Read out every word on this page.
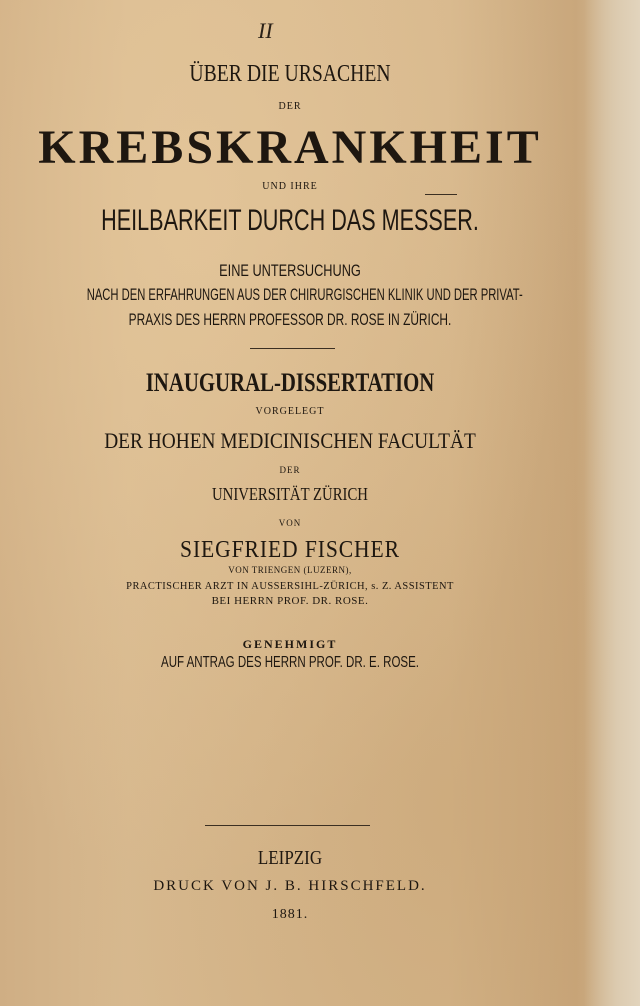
II
ÜBER DIE URSACHEN
DER
KREBSKRANKHEIT
UND IHRE
HEILBARKEIT DURCH DAS MESSER.
EINE UNTERSUCHUNG
NACH DEN ERFAHRUNGEN AUS DER CHIRURGISCHEN KLINIK UND DER PRIVAT-
PRAXIS DES HERRN PROFESSOR DR. ROSE IN ZÜRICH.
INAUGURAL-DISSERTATION
VORGELEGT
DER HOHEN MEDICINISCHEN FACULTÄT
DER
UNIVERSITÄT ZÜRICH
VON
SIEGFRIED FISCHER
VON TRIENGEN (LUZERN),
PRACTISCHER ARZT IN AUSSERSIHL-ZÜRICH, s. Z. ASSISTENT
BEI HERRN PROF. DR. ROSE.
GENEHMIGT
AUF ANTRAG DES HERRN PROF. DR. E. ROSE.
LEIPZIG
DRUCK VON J. B. HIRSCHFELD.
1881.
